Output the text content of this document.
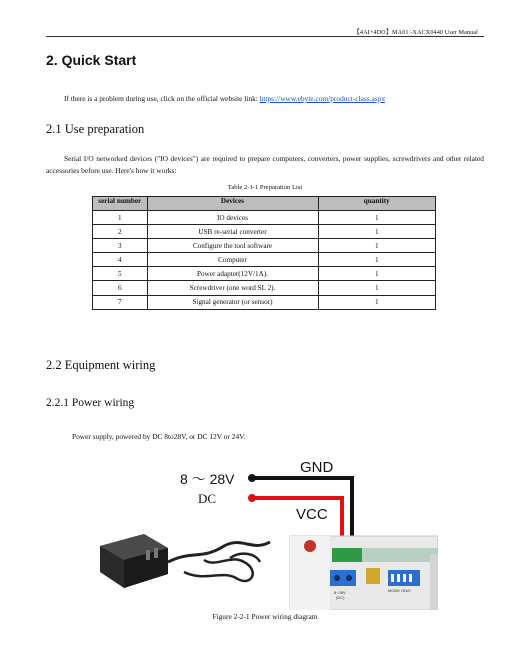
【4AI+4DO】MA01 -XACX0440 User Manual
2. Quick Start
If there is a problem during use, click on the official website link: https://www.ebyte.com/product-class.aspx
2.1 Use preparation
Serial I/O networked devices ("IO devices") are required to prepare computers, converters, power supplies, screwdrivers and other related accessories before use. Here's how it works:
Table 2-1-1 Preparation List
serial number	Devices	quantity
1	IO devices	1
2	USB re-serial converter	1
3	Configure the tool software	1
4	Computer	1
5	Power adapter(12V/1A).	1
6	Screwdriver (one word SL 2).	1
7	Signal generator (or sensor)	1
2.2 Equipment wiring
2.2.1 Power wiring
Power supply, powered by DC 8to28V, or DC 12V or 24V.
8 ～ 28V
DC
GND
VCC
8~28V
(DC)
MODE ON/0
Figure 2-2-1 Power wiring diagram
